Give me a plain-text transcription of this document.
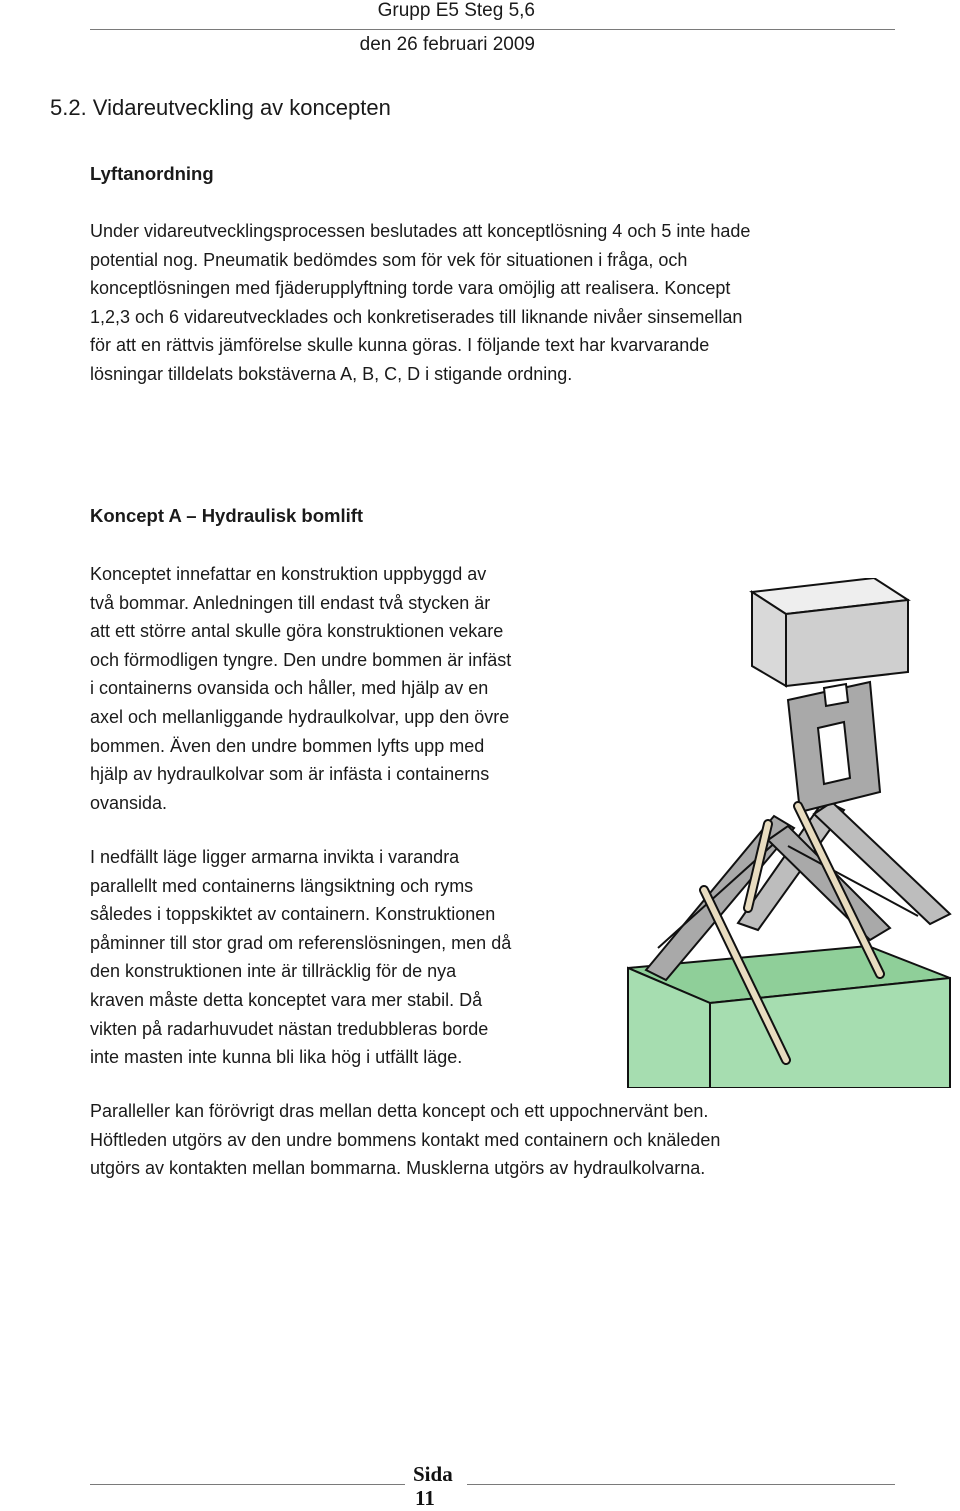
Grupp E5 Steg 5,6
den 26 februari 2009
5.2. Vidareutveckling av koncepten
Lyftanordning
Under vidareutvecklingsprocessen beslutades att konceptlösning 4 och 5 inte hade
potential nog. Pneumatik bedömdes som för vek för situationen i fråga, och
konceptlösningen med fjäderupplyftning torde vara omöjlig att realisera. Koncept
1,2,3 och 6 vidareutvecklades och konkretiserades till liknande nivåer sinsemellan
för att en rättvis jämförelse skulle kunna göras. I följande text har kvarvarande
lösningar tilldelats bokstäverna A, B, C, D i stigande ordning.
Koncept A – Hydraulisk bomlift
Konceptet innefattar en konstruktion uppbyggd av
två bommar. Anledningen till endast två stycken är
att ett större antal skulle göra konstruktionen vekare
och förmodligen tyngre. Den undre bommen är infäst
i containerns ovansida och håller, med hjälp av en
axel och mellanliggande hydraulkolvar, upp den övre
bommen. Även den undre bommen lyfts upp med
hjälp av hydraulkolvar som är infästa i containerns
ovansida.
I nedfällt läge ligger armarna invikta i varandra
parallellt med containerns längsiktning och ryms
således i toppskiktet av containern. Konstruktionen
påminner till stor grad om referenslösningen, men då
den konstruktionen inte är tillräcklig för de nya
kraven måste detta konceptet vara mer stabil. Då
vikten på radarhuvudet nästan tredubbleras borde
inte masten inte kunna bli lika hög i utfällt läge.
Paralleller kan förövrigt dras mellan detta koncept och ett uppochnervänt ben.
Höftleden utgörs av den undre bommens kontakt med containern och knäleden
utgörs av kontakten mellan bommarna. Musklerna utgörs av hydraulkolvarna.
Sida
11
